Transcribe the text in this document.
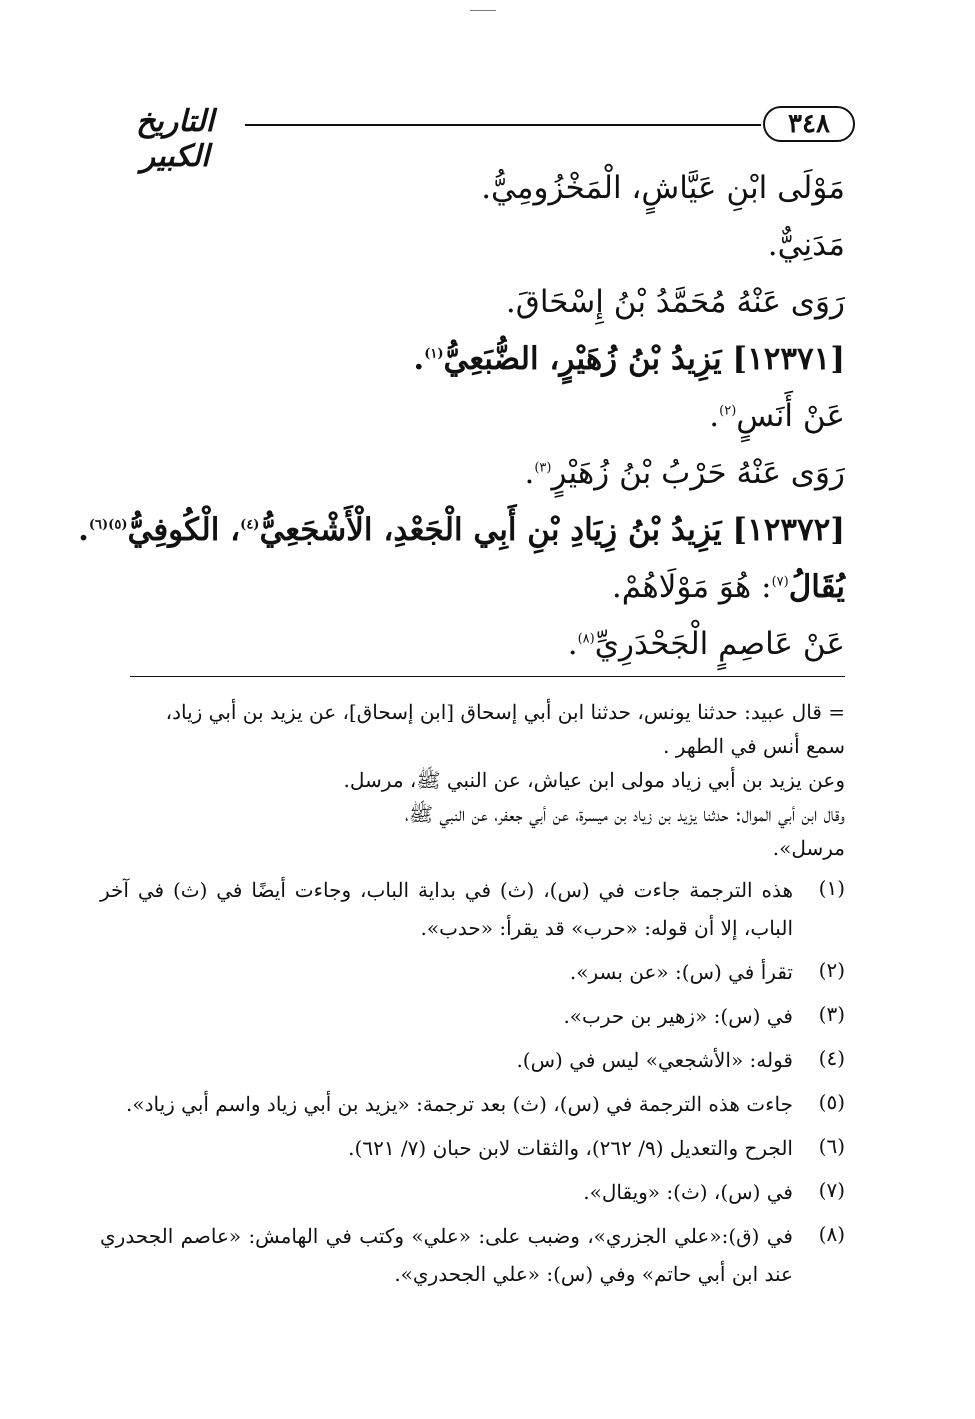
٣٤٨
التاريخ الكبير
مَوْلَى ابْنِ عَيَّاشٍ، الْمَخْزُومِيُّ.
مَدَنِيٌّ.
رَوَى عَنْهُ مُحَمَّدُ بْنُ إِسْحَاقَ.
[١٢٣٧١] يَزِيدُ بْنُ زُهَيْرٍ، الضُّبَعِيُّ$^{(١)}$.
عَنْ أَنَسٍ$^{(٢)}$.
رَوَى عَنْهُ حَرْبُ بْنُ زُهَيْرٍ$^{(٣)}$.
[١٢٣٧٢] يَزِيدُ بْنُ زِيَادِ بْنِ أَبِي الْجَعْدِ، الْأَشْجَعِيُّ$^{(٤)}$، الْكُوفِيُّ$^{(٥)(٦)}$.
يُقَالُ$^{(٧)}$: هُوَ مَوْلَاهُمْ.
عَنْ عَاصِمٍ الْجَحْدَرِيِّ$^{(٨)}$.
= قال عبيد: حدثنا يونس، حدثنا ابن أبي إسحاق [ابن إسحاق]، عن يزيد بن أبي زياد،
سمع أنس في الطهر .
وعن يزيد بن أبي زياد مولى ابن عياش، عن النبي ﷺ، مرسل.
وقال ابن أبي الموال: حدثنا يزيد بن زياد بن ميسرة، عن أبي جعفر، عن النبي ﷺ،
مرسل».
(١)
هذه الترجمة جاءت في (س)، (ث) في بداية الباب، وجاءت أيضًا في (ث) في آخر الباب، إلا أن قوله: «حرب» قد يقرأ: «حدب».
(٢)
تقرأ في (س): «عن بسر».
(٣)
في (س): «زهير بن حرب».
(٤)
قوله: «الأشجعي» ليس في (س).
(٥)
جاءت هذه الترجمة في (س)، (ث) بعد ترجمة: «يزيد بن أبي زياد واسم أبي زياد».
(٦)
الجرح والتعديل (٩/ ٢٦٢)، والثقات لابن حبان (٧/ ٦٢١).
(٧)
في (س)، (ث): «ويقال».
(٨)
في (ق):«علي الجزري»، وضبب على: «علي» وكتب في الهامش: «عاصم الجحدري عند ابن أبي حاتم» وفي (س): «علي الجحدري».
